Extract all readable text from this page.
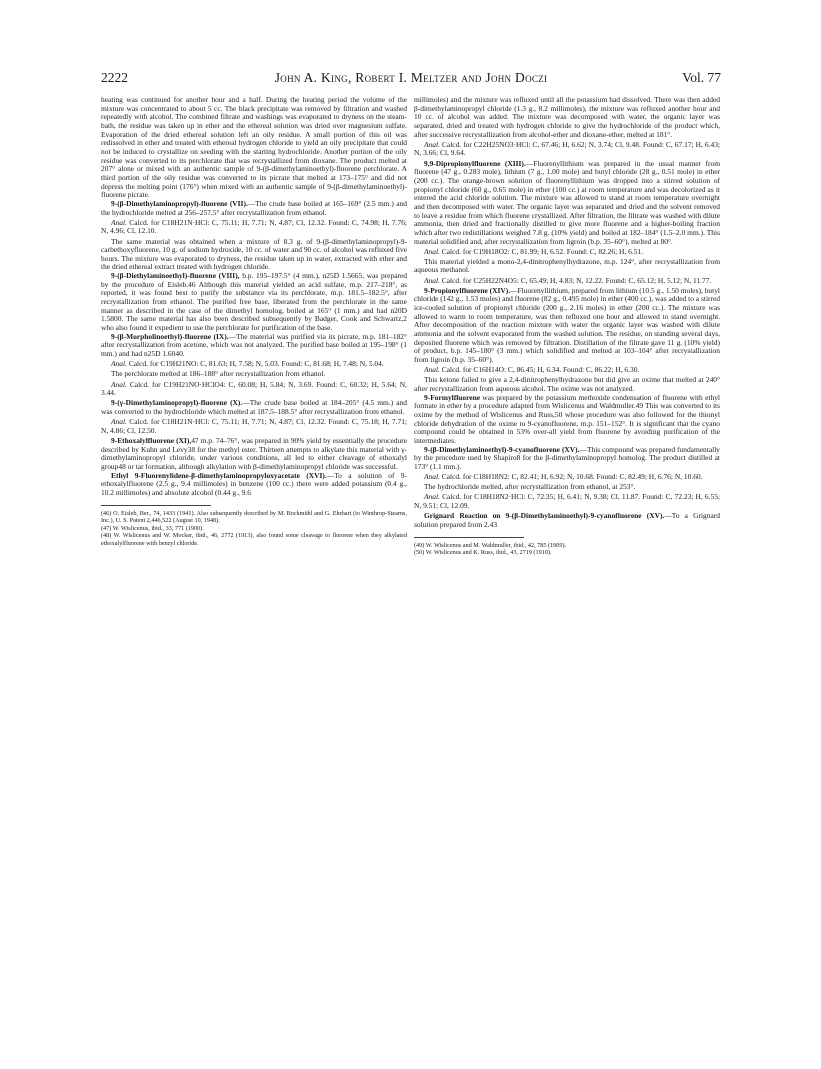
2222	John A. King, Robert I. Meltzer and John Doczi	Vol. 77

heating was continued for another hour and a half. During the heating period the volume of the mixture was concentrated to about 5 cc. The black precipitate was removed by filtration and washed repeatedly with alcohol. The combined filtrate and washings was evaporated to dryness on the steam-bath, the residue was taken up in ether and the ethereal solution was dried over magnesium sulfate. Evaporation of the dried ethereal solution left an oily residue. A small portion of this oil was redissolved in ether and treated with ethereal hydrogen chloride to yield an oily precipitate that could not be induced to crystallize on seeding with the starting hydrochloride. Another portion of the oily residue was converted to its perchlorate that was recrystallized from dioxane. The product melted at 207° alone or mixed with an authentic sample of 9-(β-dimethylaminoethyl)-fluorene perchlorate. A third portion of the oily residue was converted to its picrate that melted at 173–175° and did not depress the melting point (176°) when mixed with an authentic sample of 9-(β-dimethylaminoethyl)-fluorene picrate.

9-(β-Dimethylaminopropyl)-fluorene (VII).—The crude base boiled at 165–169° (2.5 mm.) and the hydrochloride melted at 256–257.5° after recrystallization from ethanol.

Anal. Calcd. for C18H21N·HCl: C, 75.11; H, 7.71; N, 4.87; Cl, 12.32. Found: C, 74.98; H, 7.76; N, 4.96; Cl, 12.10.

The same material was obtained when a mixture of 8.3 g. of 9-(β-dimethylaminopropyl)-9-carbethoxyfluorene, 10 g. of sodium hydroxide, 10 cc. of water and 90 cc. of alcohol was refluxed five hours. The mixture was evaporated to dryness, the residue taken up in water, extracted with ether and the dried ethereal extract treated with hydrogen chloride.

9-(β-Diethylaminoethyl)-fluorene (VIII), b.p. 195–197.5° (4 mm.), n25D 1.5665, was prepared by the procedure of Eisleb.46 Although this material yielded an acid sulfate, m.p. 217–218°, as reported, it was found best to purify the substance via its perchlorate, m.p. 181.5–182.5°, after recrystallization from ethanol. The purified free base, liberated from the perchlorate in the same manner as described in the case of the dimethyl homolog, boiled at 165° (1 mm.) and had n20D 1.5800. The same material has also been described subsequently by Badger, Cook and Schwartz,2 who also found it expedient to use the perchlorate for purification of the base.

9-(β-Morpholinoethyl)-fluorene (IX).—The material was purified via its picrate, m.p. 181–182° after recrystallization from acetone, which was not analyzed. The purified base boiled at 195–198° (1 mm.) and had n25D 1.6040.

Anal. Calcd. for C19H21NO: C, 81.63; H, 7.58; N, 5.03. Found: C, 81.68; H, 7.48; N, 5.04.

The perchlorate melted at 186–188° after recrystallization from ethanol.

Anal. Calcd. for C19H21NO·HClO4: C, 60.08; H, 5.84; N, 3.69. Found: C, 60.32; H, 5.64; N, 3.44.

9-(γ-Dimethylaminopropyl)-fluorene (X).—The crude base boiled at 184–205° (4.5 mm.) and was converted to the hydrochloride which melted at 187.5–188.5° after recrystallization from ethanol.

Anal. Calcd. for C18H21N·HCl: C, 75.11; H, 7.71; N, 4.87; Cl, 12.32. Found: C, 75.18; H, 7.71; N, 4.86; Cl, 12.50.

9-Ethoxalylfluorene (XI),47 m.p. 74–76°, was prepared in 90% yield by essentially the procedure described by Kuhn and Levy38 for the methyl ester. Thirteen attempts to alkylate this material with γ-dimethylaminopropyl chloride, under various conditions, all led to either cleavage of ethoxalyl group48 or tar formation, although alkylation with β-dimethylaminopropyl chloride was successful.

Ethyl 9-Fluorenylidene-β-dimethylaminopropyloxyacetate (XVI).—To a solution of 9-ethoxalylfluorene (2.5 g., 9.4 millimoles) in benzene (100 cc.) there were added potassium (0.4 g., 10.2 millimoles) and absolute alcohol (0.44 g., 9.6

(46) O. Eisleb, Ber., 74, 1433 (1941). Also subsequently described by M. Bockmühl and G. Ehrhart (to Winthrop-Stearns, Inc.), U. S. Patent 2,446,522 (August 10, 1948).

(47) W. Wislicenus, ibid., 33, 771 (1900).

(48) W. Wislicenus and W. Mocker, ibid., 46, 2772 (1913), also found some cleavage to fluorene when they alkylated ethoxalylfluorene with benzyl chloride.

millimoles) and the mixture was refluxed until all the potassium had dissolved. There was then added β-dimethylaminopropyl chloride (1.3 g., 8.2 millimoles), the mixture was refluxed another hour and 10 cc. of alcohol was added. The mixture was decomposed with water, the organic layer was separated, dried and treated with hydrogen chloride to give the hydrochloride of the product which, after successive recrystallization from alcohol-ether and dioxane-ether, melted at 181°.

Anal. Calcd. for C22H25NO3·HCl: C, 67.46; H, 6.62; N, 3.74; Cl, 9.48. Found: C, 67.17; H, 6.43; N, 3.66; Cl, 9.64.

9,9-Dipropionylfluorene (XIII).—Fluorenyllithium was prepared in the usual manner from fluorene (47 g., 0.283 mole), lithium (7 g., 1.00 mole) and butyl chloride (28 g., 0.51 mole) in ether (200 cc.). The orange-brown solution of fluorenyllithium was dropped into a stirred solution of propionyl chloride (60 g., 0.65 mole) in ether (100 cc.) at room temperature and was decolorized as it entered the acid chloride solution. The mixture was allowed to stand at room temperature overnight and then decomposed with water. The organic layer was separated and dried and the solvent removed to leave a residue from which fluorene crystallized. After filtration, the filtrate was washed with dilute ammonia, then dried and fractionally distilled to give more fluorene and a higher-boiling fraction which after two redistillations weighed 7.8 g. (10% yield) and boiled at 182–184° (1.5–2.0 mm.). This material solidified and, after recrystallization from ligroin (b.p. 35–60°), melted at 80°.

Anal. Calcd. for C19H18O2: C, 81.99; H, 6.52. Found: C, 82.26; H, 6.51.

This material yielded a mono-2,4-dinitrophenylhydrazone, m.p. 124°, after recrystallization from aqueous methanol.

Anal. Calcd. for C25H22N4O5: C, 65.49; H, 4.83; N, 12.22. Found: C, 65.12; H, 5.12; N, 11.77.

9-Propionylfluorene (XIV).—Fluorenyllithium, prepared from lithium (10.5 g., 1.50 moles), butyl chloride (142 g., 1.53 moles) and fluorene (82 g., 0.495 mole) in ether (400 cc.), was added to a stirred ice-cooled solution of propionyl chloride (200 g., 2.16 moles) in ether (200 cc.). The mixture was allowed to warm to room temperature, was then refluxed one hour and allowed to stand overnight. After decomposition of the reaction mixture with water the organic layer was washed with dilute ammonia and the solvent evaporated from the washed solution. The residue, on standing several days, deposited fluorene which was removed by filtration. Distillation of the filtrate gave 11 g. (10% yield) of product, b.p. 145–180° (3 mm.) which solidified and melted at 103–104° after recrystallization from ligroin (b.p. 35–60°).

Anal. Calcd. for C16H14O: C, 86.45; H, 6.34. Found: C, 86.22; H, 6.30.

This ketone failed to give a 2,4-dinitrophenylhydrazone but did give an oxime that melted at 240° after recrystallization from aqueous alcohol. The oxime was not analyzed.

9-Formylfluorene was prepared by the potassium methoxide condensation of fluorene with ethyl formate in ether by a procedure adapted from Wislicenus and Waldmuller.49 This was converted to its oxime by the method of Wislicenus and Russ,50 whose procedure was also followed for the thionyl chloride dehydration of the oxime to 9-cyanofluorene, m.p. 151–152°. It is significant that the cyano compound could be obtained in 53% over-all yield from fluorene by avoiding purification of the intermediates.

9-(β-Dimethylaminoethyl)-9-cyanofluorene (XV).—This compound was prepared fundamentally by the procedure used by Shapiro8 for the β-dimethylaminopropyl homolog. The product distilled at 173° (1.1 mm.).

Anal. Calcd. for C18H18N2: C, 82.41; H, 6.92; N, 10.68. Found: C, 82.49; H, 6.76; N, 10.60.

The hydrochloride melted, after recrystallization from ethanol, at 253°.

Anal. Calcd. for C18H18N2·HCl: C, 72.35; H, 6.41; N, 9.38; Cl, 11.87. Found: C, 72.23; H, 6.55; N, 9.51; Cl, 12.09.

Grignard Reaction on 9-(β-Dimethylaminoethyl)-9-cyanofluorene (XV).—To a Grignard solution prepared from 2.43

(49) W. Wislicenus and M. Waldmuller, ibid., 42, 785 (1909).

(50) W. Wislicenus and K. Russ, ibid., 43, 2719 (1910).
